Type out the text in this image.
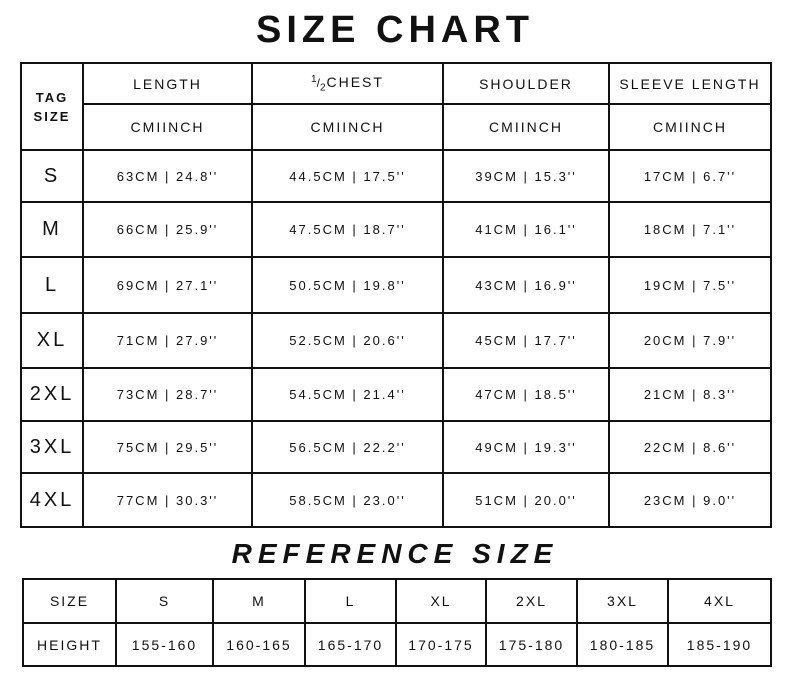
SIZE CHART
TAG
SIZE	LENGTH	$^1/_2CHEST$	SHOULDER	SLEEVE LENGTH
	CMIINCH	CMIINCH	CMIINCH	CMIINCH
S	63CM | 24.8''	44.5CM | 17.5''	39CM | 15.3''	17CM | 6.7''
M	66CM | 25.9''	47.5CM | 18.7''	41CM | 16.1''	18CM | 7.1''
L	69CM | 27.1''	50.5CM | 19.8''	43CM | 16.9''	19CM | 7.5''
XL	71CM | 27.9''	52.5CM | 20.6''	45CM | 17.7''	20CM | 7.9''
2XL	73CM | 28.7''	54.5CM | 21.4''	47CM | 18.5''	21CM | 8.3''
3XL	75CM | 29.5''	56.5CM | 22.2''	49CM | 19.3''	22CM | 8.6''
4XL	77CM | 30.3''	58.5CM | 23.0''	51CM | 20.0''	23CM | 9.0''
REFERENCE SIZE
SIZE	S	M	L	XL	2XL	3XL	4XL
HEIGHT	155-160	160-165	165-170	170-175	175-180	180-185	185-190
